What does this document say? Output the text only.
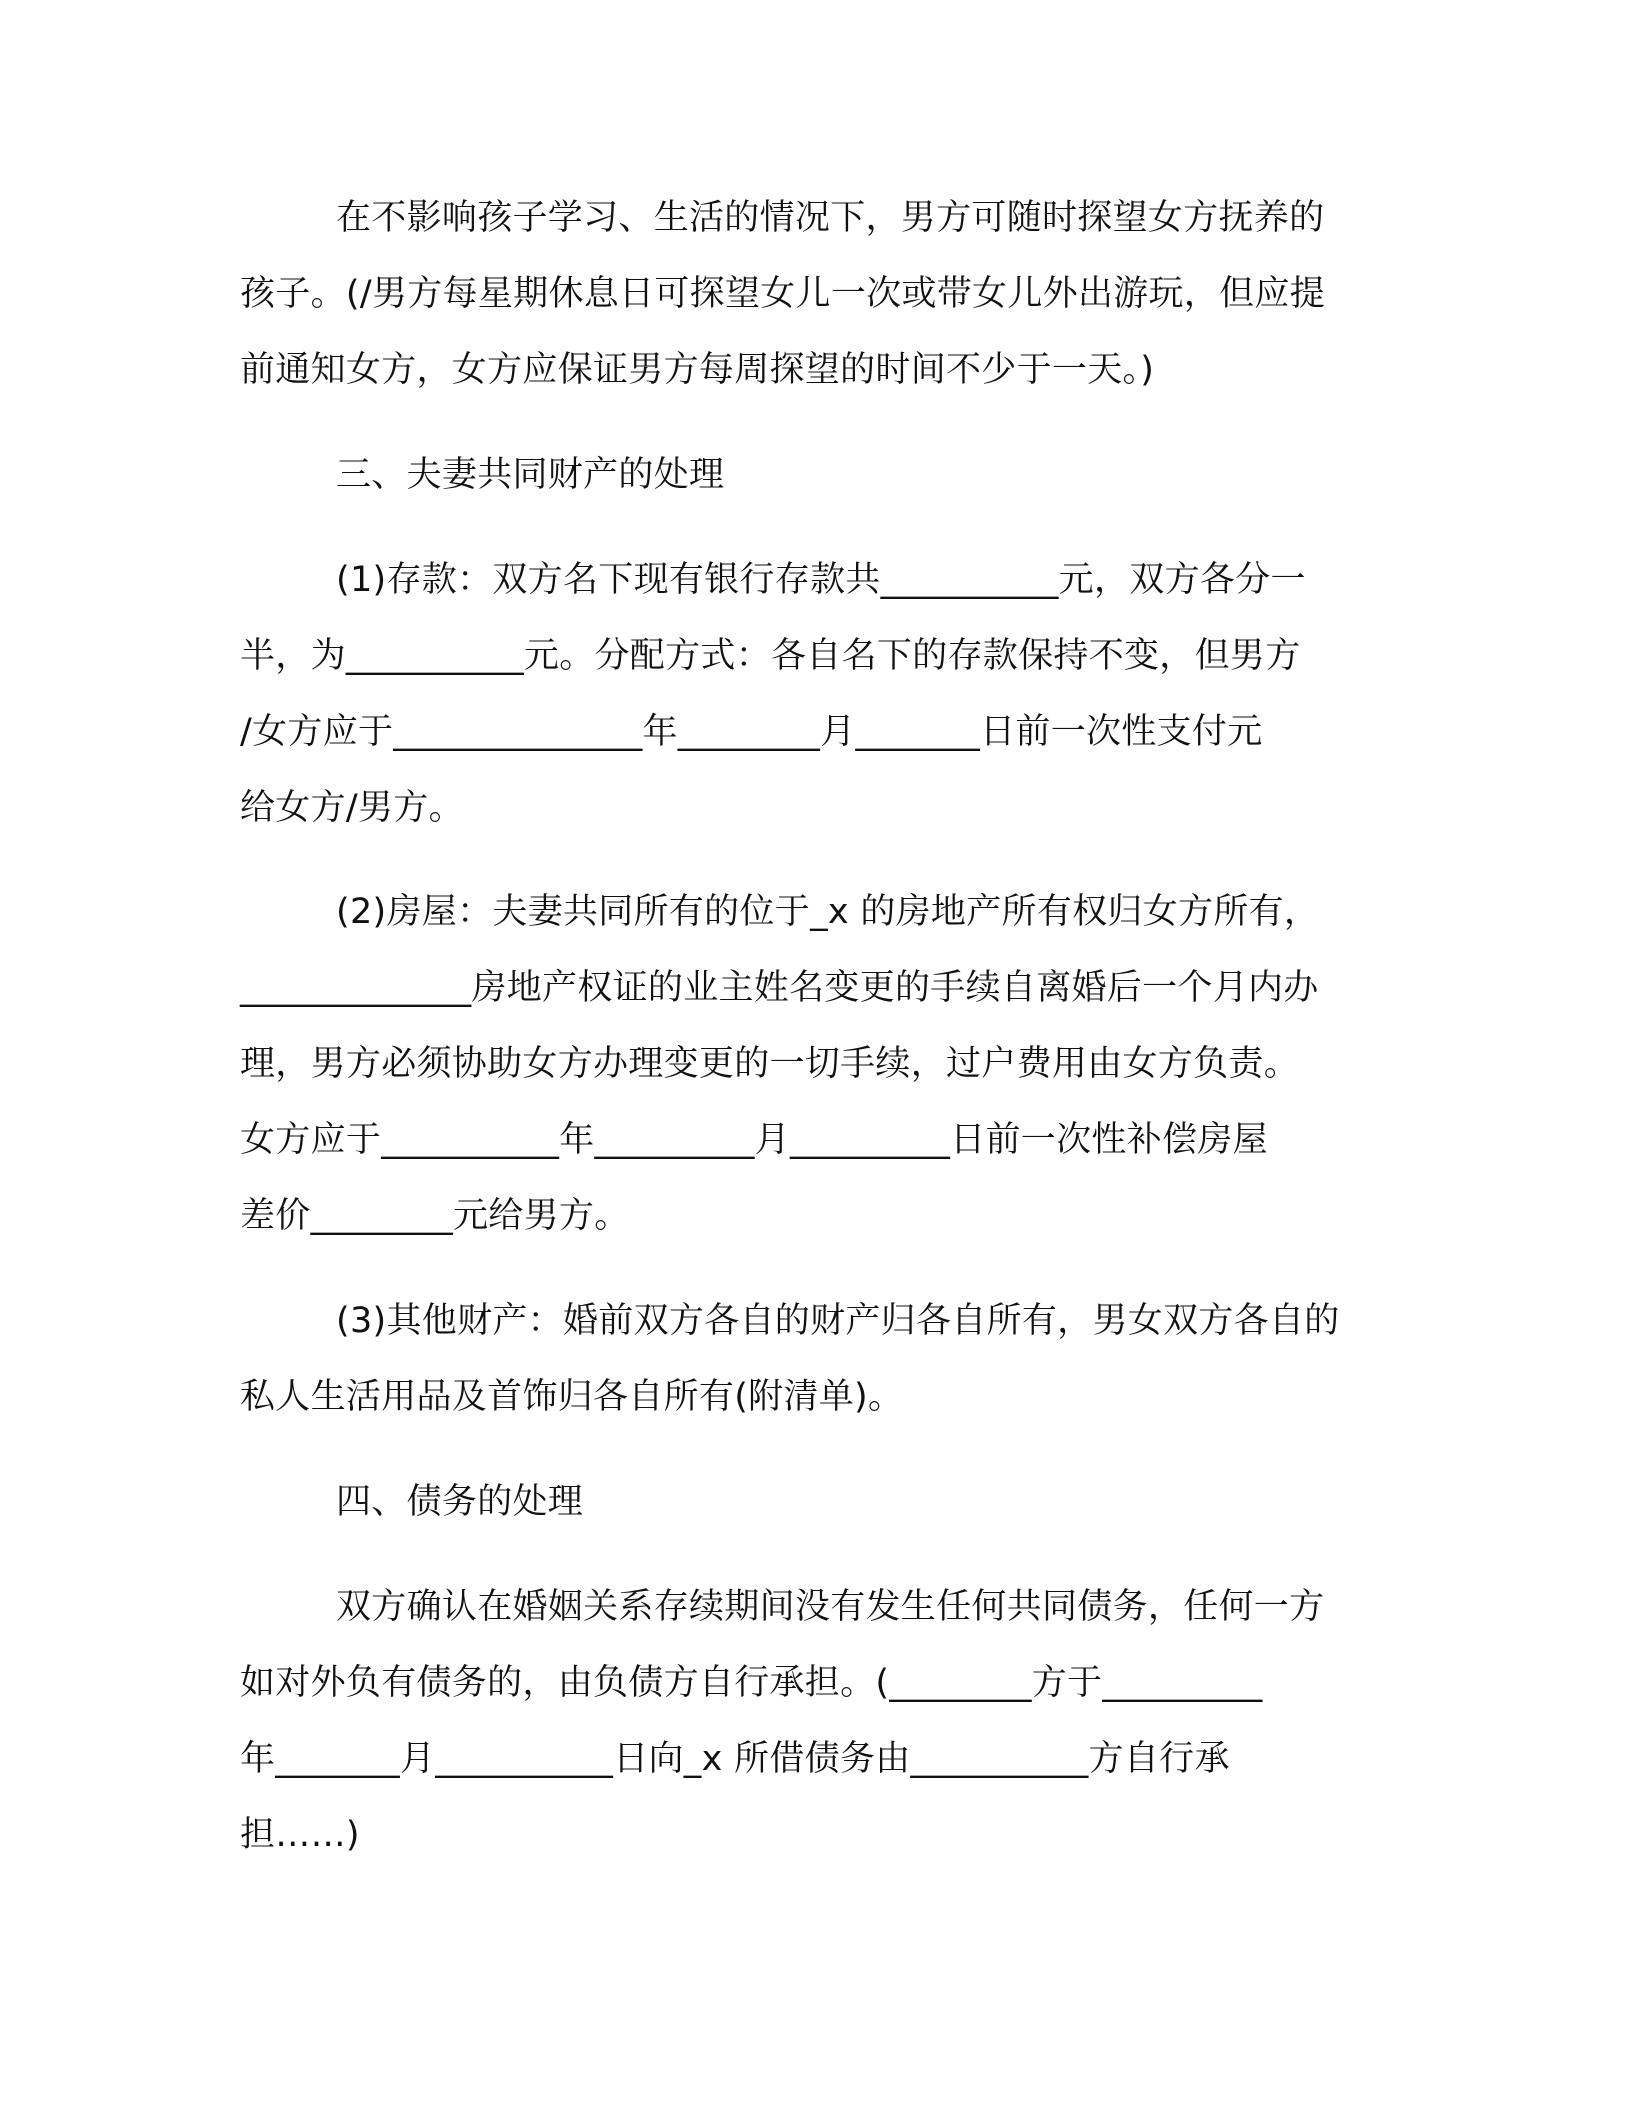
在不影响孩子学习、生活的情况下，男方可随时探望女方抚养的
孩子。(/男方每星期休息日可探望女儿一次或带女儿外出游玩，但应提
前通知女方，女方应保证男方每周探望的时间不少于一天。)
三、夫妻共同财产的处理
(1)存款：双方名下现有银行存款共__________元，双方各分一
半，为__________元。分配方式：各自名下的存款保持不变，但男方
/女方应于______________年________月_______日前一次性支付元
给女方/男方。
(2)房屋：夫妻共同所有的位于_x 的房地产所有权归女方所有，
_____________房地产权证的业主姓名变更的手续自离婚后一个月内办
理，男方必须协助女方办理变更的一切手续，过户费用由女方负责。
女方应于__________年_________月_________日前一次性补偿房屋
差价________元给男方。
(3)其他财产：婚前双方各自的财产归各自所有，男女双方各自的
私人生活用品及首饰归各自所有(附清单)。
四、债务的处理
双方确认在婚姻关系存续期间没有发生任何共同债务，任何一方
如对外负有债务的，由负债方自行承担。(________方于_________
年_______月__________日向_x 所借债务由__________方自行承
担……)
